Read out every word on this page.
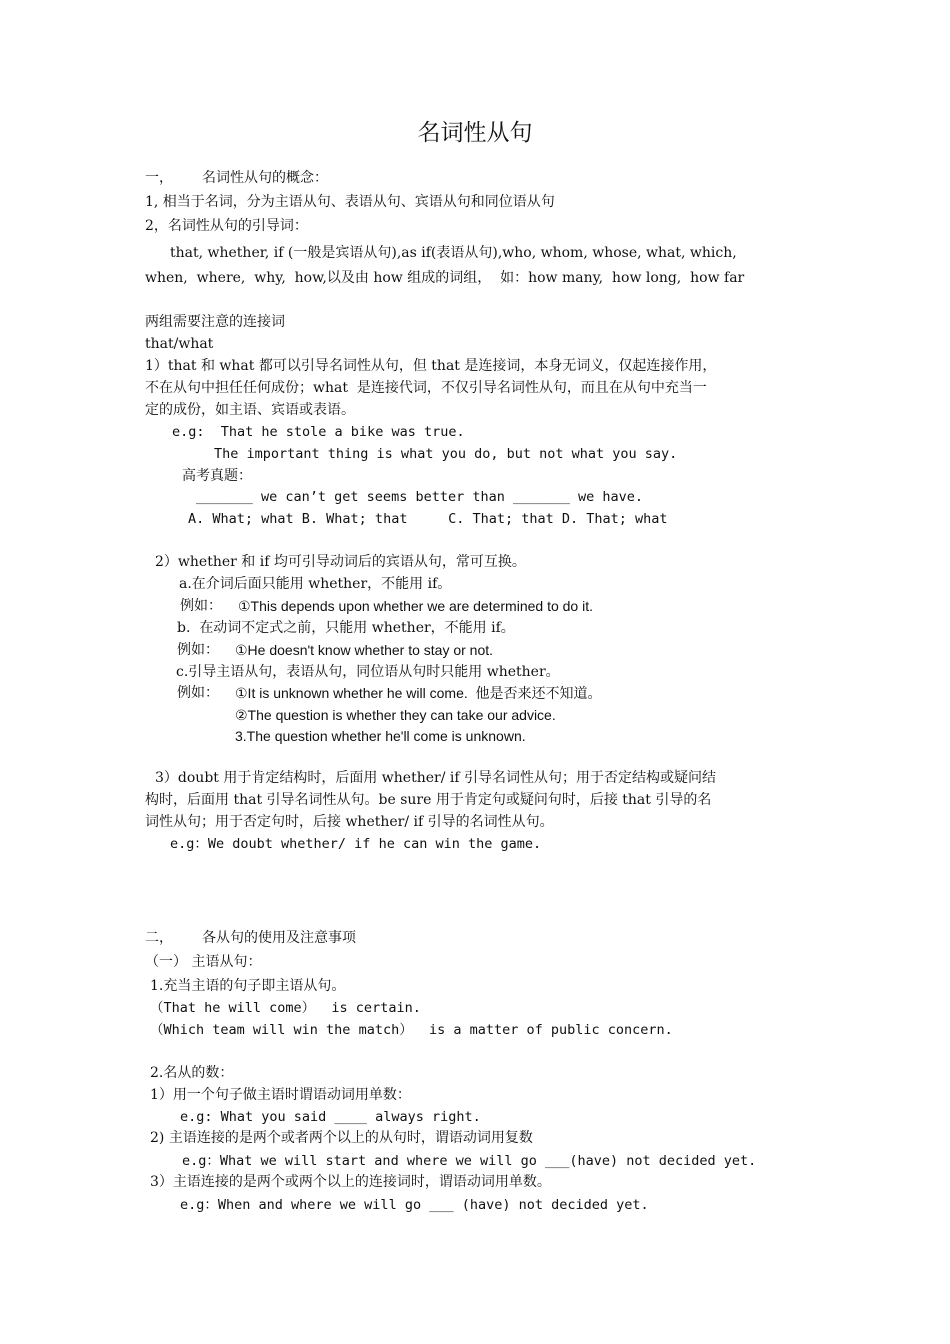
名词性从句
一， 名词性从句的概念：
1, 相当于名词，分为主语从句、表语从句、宾语从句和同位语从句
2，名词性从句的引导词：
that, whether, if (一般是宾语从句),as if(表语从句),who, whom, whose, what, which,
when,  where,  why,  how,以及由 how 组成的词组，  如：how many,  how long,  how far
两组需要注意的连接词
that/what
1）that 和 what 都可以引导名词性从句，但 that 是连接词，本身无词义，仅起连接作用，
不在从句中担任任何成份；what  是连接代词，不仅引导名词性从句，而且在从句中充当一
定的成份，如主语、宾语或表语。
e.g:  That he stole a bike was true.
The important thing is what you do, but not what you say.
高考真题：
_______ we can’t get seems better than _______ we have.
A. What; what B. What; that     C. That; that D. That; what
2）whether 和 if 均可引导动词后的宾语从句，常可互换。
a.在介词后面只能用 whether，不能用 if。
例如： ①This depends upon whether we are determined to do it.
b.  在动词不定式之前，只能用 whether，不能用 if。
例如： ①He doesn't know whether to stay or not.
c.引导主语从句，表语从句，同位语从句时只能用 whether。
例如： ①It is unknown whether he will come.  他是否来还不知道。
②The question is whether they can take our advice.
3.The question whether he'll come is unknown.
3）doubt 用于肯定结构时，后面用 whether/ if 引导名词性从句；用于否定结构或疑问结
构时，后面用 that 引导名词性从句。be sure 用于肯定句或疑问句时，后接 that 引导的名
词性从句；用于否定句时，后接 whether/ if 引导的名词性从句。
e.g：We doubt whether/ if he can win the game.
二， 各从句的使用及注意事项
（一） 主语从句：
1.充当主语的句子即主语从句。
（That he will come）  is certain.
（Which team will win the match）  is a matter of public concern.
2.名从的数：
1）用一个句子做主语时谓语动词用单数：
e.g: What you said ____ always right.
2) 主语连接的是两个或者两个以上的从句时，谓语动词用复数
e.g：What we will start and where we will go ___(have) not decided yet.
3）主语连接的是两个或两个以上的连接词时，谓语动词用单数。
e.g：When and where we will go ___ (have) not decided yet.
